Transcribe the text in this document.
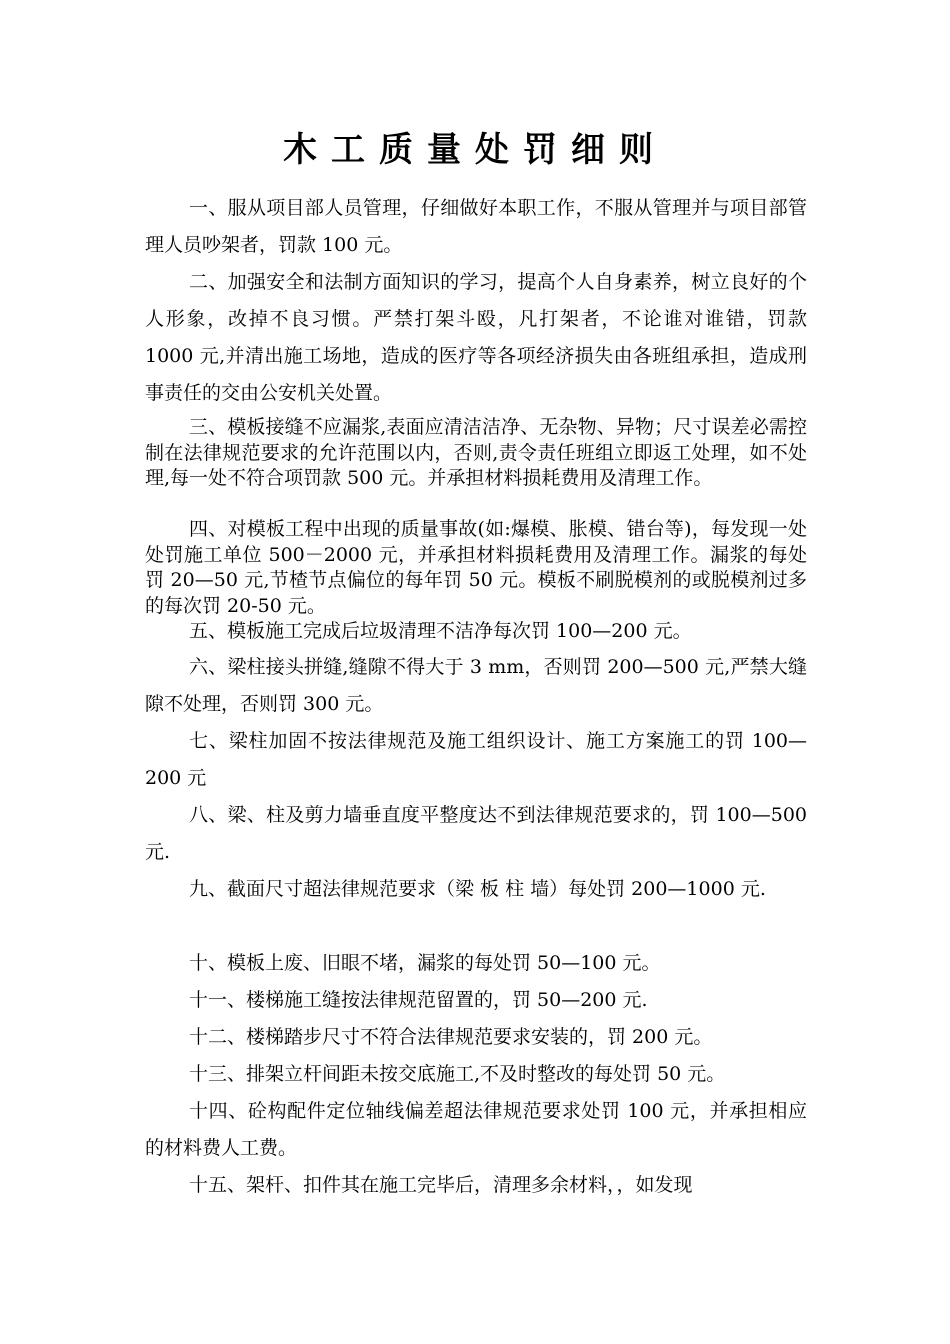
木工质量处罚细则

一、服从项目部人员管理，仔细做好本职工作，不服从管理并与项目部管理人员吵架者，罚款 100 元。

二、加强安全和法制方面知识的学习，提高个人自身素养，树立良好的个人形象，改掉不良习惯。严禁打架斗殴，凡打架者，不论谁对谁错，罚款 1000 元,并清出施工场地，造成的医疗等各项经济损失由各班组承担，造成刑事责任的交由公安机关处置。

三、模板接缝不应漏浆,表面应清洁洁净、无杂物、异物；尺寸误差必需控制在法律规范要求的允许范围以内，否则,责令责任班组立即返工处理，如不处理,每一处不符合项罚款 500 元。并承担材料损耗费用及清理工作。

四、对模板工程中出现的质量事故(如:爆模、胀模、错台等)，每发现一处处罚施工单位 500－2000 元，并承担材料损耗费用及清理工作。漏浆的每处罚 20—50 元,节楂节点偏位的每年罚 50 元。模板不刷脱模剂的或脱模剂过多的每次罚 20-50 元。

五、模板施工完成后垃圾清理不洁净每次罚 100—200 元。

六、梁柱接头拼缝,缝隙不得大于 3 mm，否则罚 200—500 元,严禁大缝隙不处理，否则罚 300 元。

七、梁柱加固不按法律规范及施工组织设计、施工方案施工的罚 100—200 元

八、梁、柱及剪力墙垂直度平整度达不到法律规范要求的，罚 100—500 元.

九、截面尺寸超法律规范要求（梁 板 柱 墙）每处罚 200—1000 元.

十、模板上废、旧眼不堵，漏浆的每处罚 50—100 元。

十一、楼梯施工缝按法律规范留置的，罚 50—200 元.

十二、楼梯踏步尺寸不符合法律规范要求安装的，罚 200 元。

十三、排架立杆间距未按交底施工,不及时整改的每处罚 50 元。

十四、砼构配件定位轴线偏差超法律规范要求处罚 100 元，并承担相应的材料费人工费。

十五、架杆、扣件其在施工完毕后，清理多余材料，，如发现
